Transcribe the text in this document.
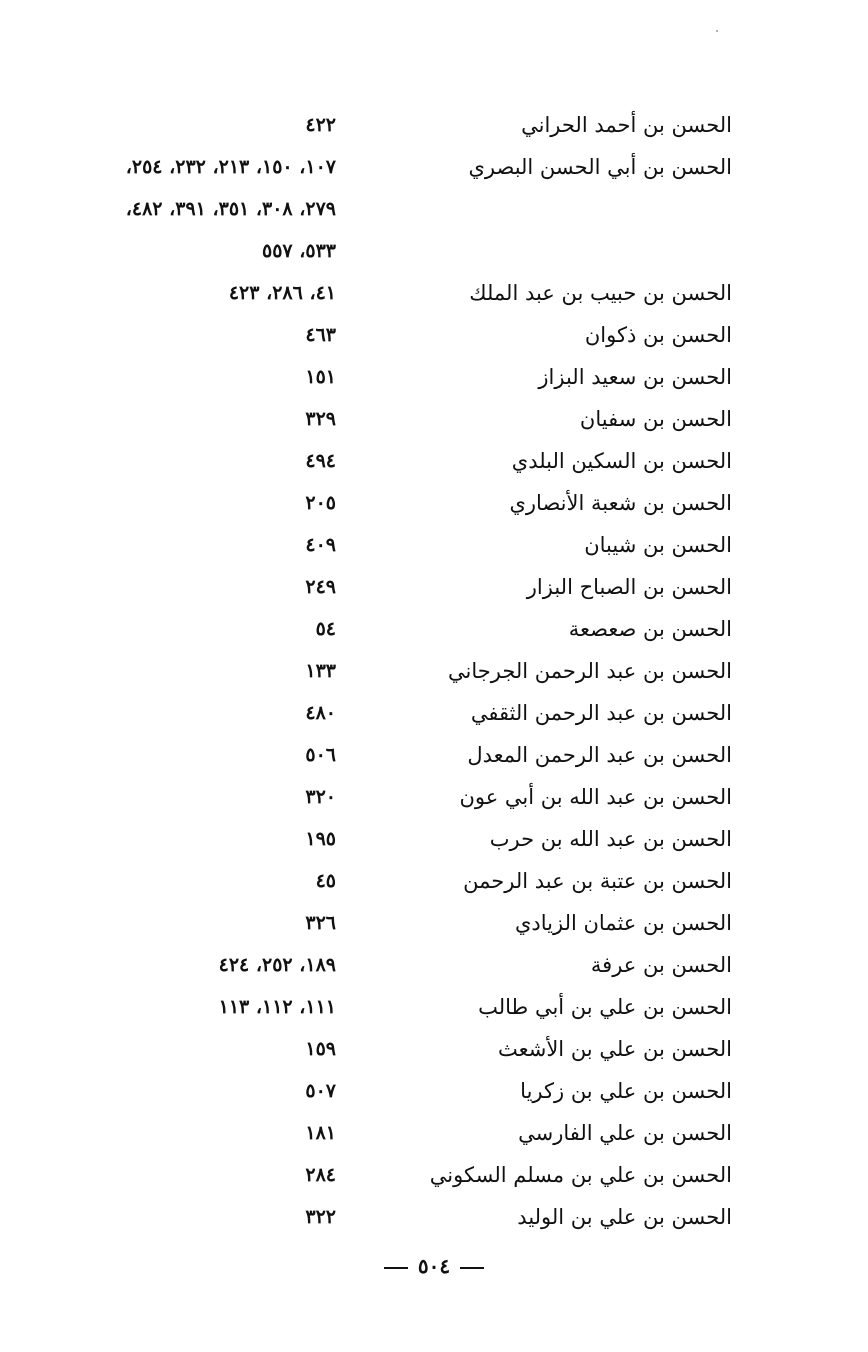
الحسن بن أحمد الحراني
٤٢٢
الحسن بن أبي الحسن البصري
١٠٧، ١٥٠، ٢١٣، ٢٣٢، ٢٥٤،
٢٧٩، ٣٠٨، ٣٥١، ٣٩١، ٤٨٢،
٥٣٣، ٥٥٧
الحسن بن حبيب بن عبد الملك
٤١، ٢٨٦، ٤٢٣
الحسن بن ذكوان
٤٦٣
الحسن بن سعيد البزاز
١٥١
الحسن بن سفيان
٣٢٩
الحسن بن السكين البلدي
٤٩٤
الحسن بن شعبة الأنصاري
٢٠٥
الحسن بن شيبان
٤٠٩
الحسن بن الصباح البزار
٢٤٩
الحسن بن صعصعة
٥٤
الحسن بن عبد الرحمن الجرجاني
١٣٣
الحسن بن عبد الرحمن الثقفي
٤٨٠
الحسن بن عبد الرحمن المعدل
٥٠٦
الحسن بن عبد الله بن أبي عون
٣٢٠
الحسن بن عبد الله بن حرب
١٩٥
الحسن بن عتبة بن عبد الرحمن
٤٥
الحسن بن عثمان الزيادي
٣٢٦
الحسن بن عرفة
١٨٩، ٢٥٢، ٤٢٤
الحسن بن علي بن أبي طالب
١١١، ١١٢، ١١٣
الحسن بن علي بن الأشعث
١٥٩
الحسن بن علي بن زكريا
٥٠٧
الحسن بن علي الفارسي
١٨١
الحسن بن علي بن مسلم السكوني
٢٨٤
الحسن بن علي بن الوليد
٣٢٢
٥٠٤
